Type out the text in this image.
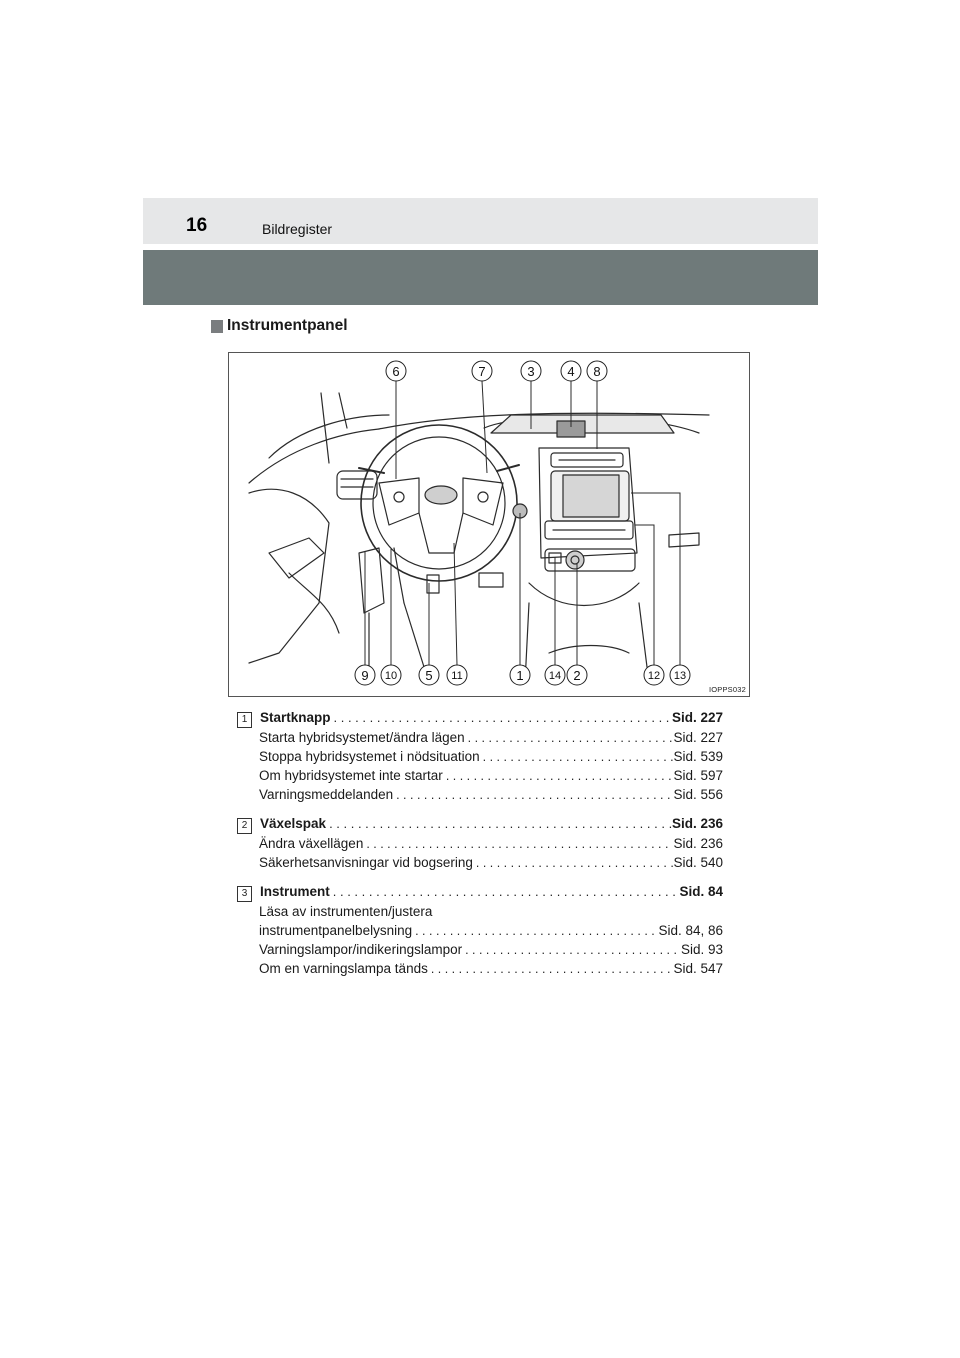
16	Bildregister
Instrumentpanel
6	7	3	4 8
9 10 5 11	1 14 2	12 13
IOPPS032
1 Startknapp . . .	Sid. 227
Starta hybridsystemet/ändra lägen . . .	Sid. 227
Stoppa hybridsystemet i nödsituation . . .	Sid. 539
Om hybridsystemet inte startar . . .	Sid. 597
Varningsmeddelanden . . .	Sid. 556
2 Växelspak . . .	Sid. 236
Ändra växellägen . . .	Sid. 236
Säkerhetsanvisningar vid bogsering . . .	Sid. 540
3 Instrument . . .	Sid. 84
Läsa av instrumenten/justera
instrumentpanelbelysning . . .	Sid. 84, 86
Varningslampor/indikeringslampor . . .	Sid. 93
Om en varningslampa tänds . . .	Sid. 547
